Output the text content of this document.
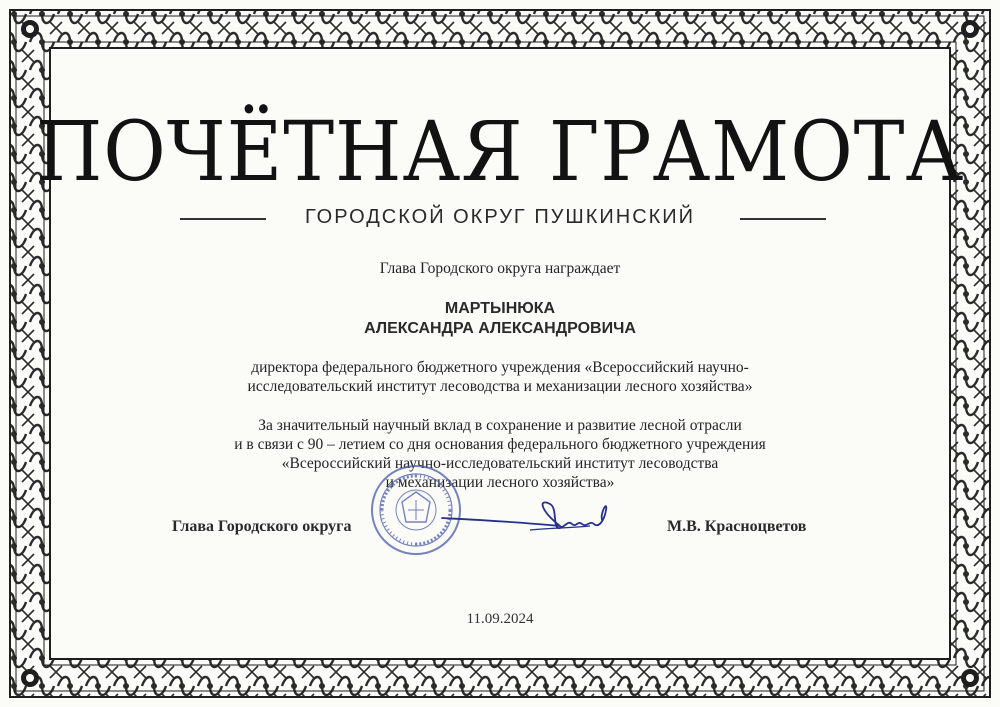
ПОЧЁТНАЯ ГРАМОТА
ГОРОДСКОЙ ОКРУГ ПУШКИНСКИЙ
Глава Городского округа награждает
МАРТЫНЮКА
АЛЕКСАНДРА АЛЕКСАНДРОВИЧА
директора федерального бюджетного учреждения «Всероссийский научно-
исследовательский институт лесоводства и механизации лесного хозяйства»
За значительный научный вклад в сохранение и развитие лесной отрасли
и в связи с 90 – летием со дня основания федерального бюджетного учреждения
«Всероссийский научно-исследовательский институт лесоводства
и механизации лесного хозяйства»
Глава Городского округа	М.В. Красноцветов
11.09.2024
